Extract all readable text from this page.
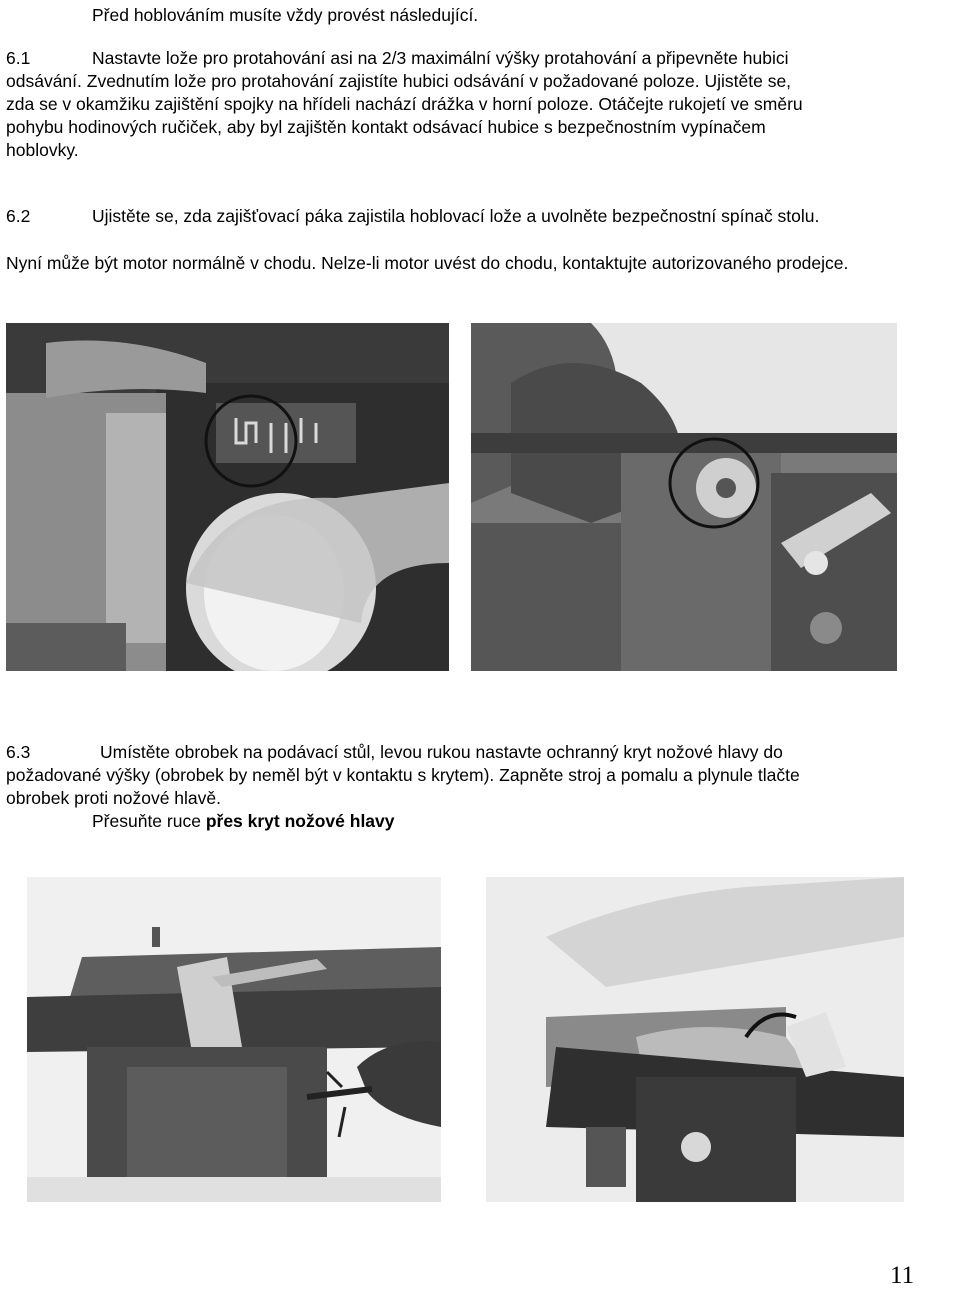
Před hoblováním musíte vždy provést následující.
6.1	Nastavte lože pro protahování asi na 2/3 maximální výšky protahování a připevněte hubici
odsávání. Zvednutím lože pro protahování zajistíte hubici odsávání v požadované poloze. Ujistěte se,
zda se v okamžiku zajištění spojky na hřídeli nachází drážka v horní poloze. Otáčejte rukojetí ve směru
pohybu hodinových ručiček, aby byl zajištěn kontakt odsávací hubice s bezpečnostním vypínačem
hoblovky.
6.2	Ujistěte se, zda zajišťovací páka zajistila hoblovací lože a uvolněte bezpečnostní spínač stolu.
Nyní může být motor normálně v chodu. Nelze-li motor uvést do chodu, kontaktujte autorizovaného prodejce.
6.3	Umístěte obrobek na podávací stůl, levou rukou nastavte ochranný kryt nožové hlavy do
požadované výšky (obrobek by neměl být v kontaktu s krytem). Zapněte stroj a pomalu a plynule tlačte
obrobek proti nožové hlavě.
Přesuňte ruce přes kryt nožové hlavy
11
